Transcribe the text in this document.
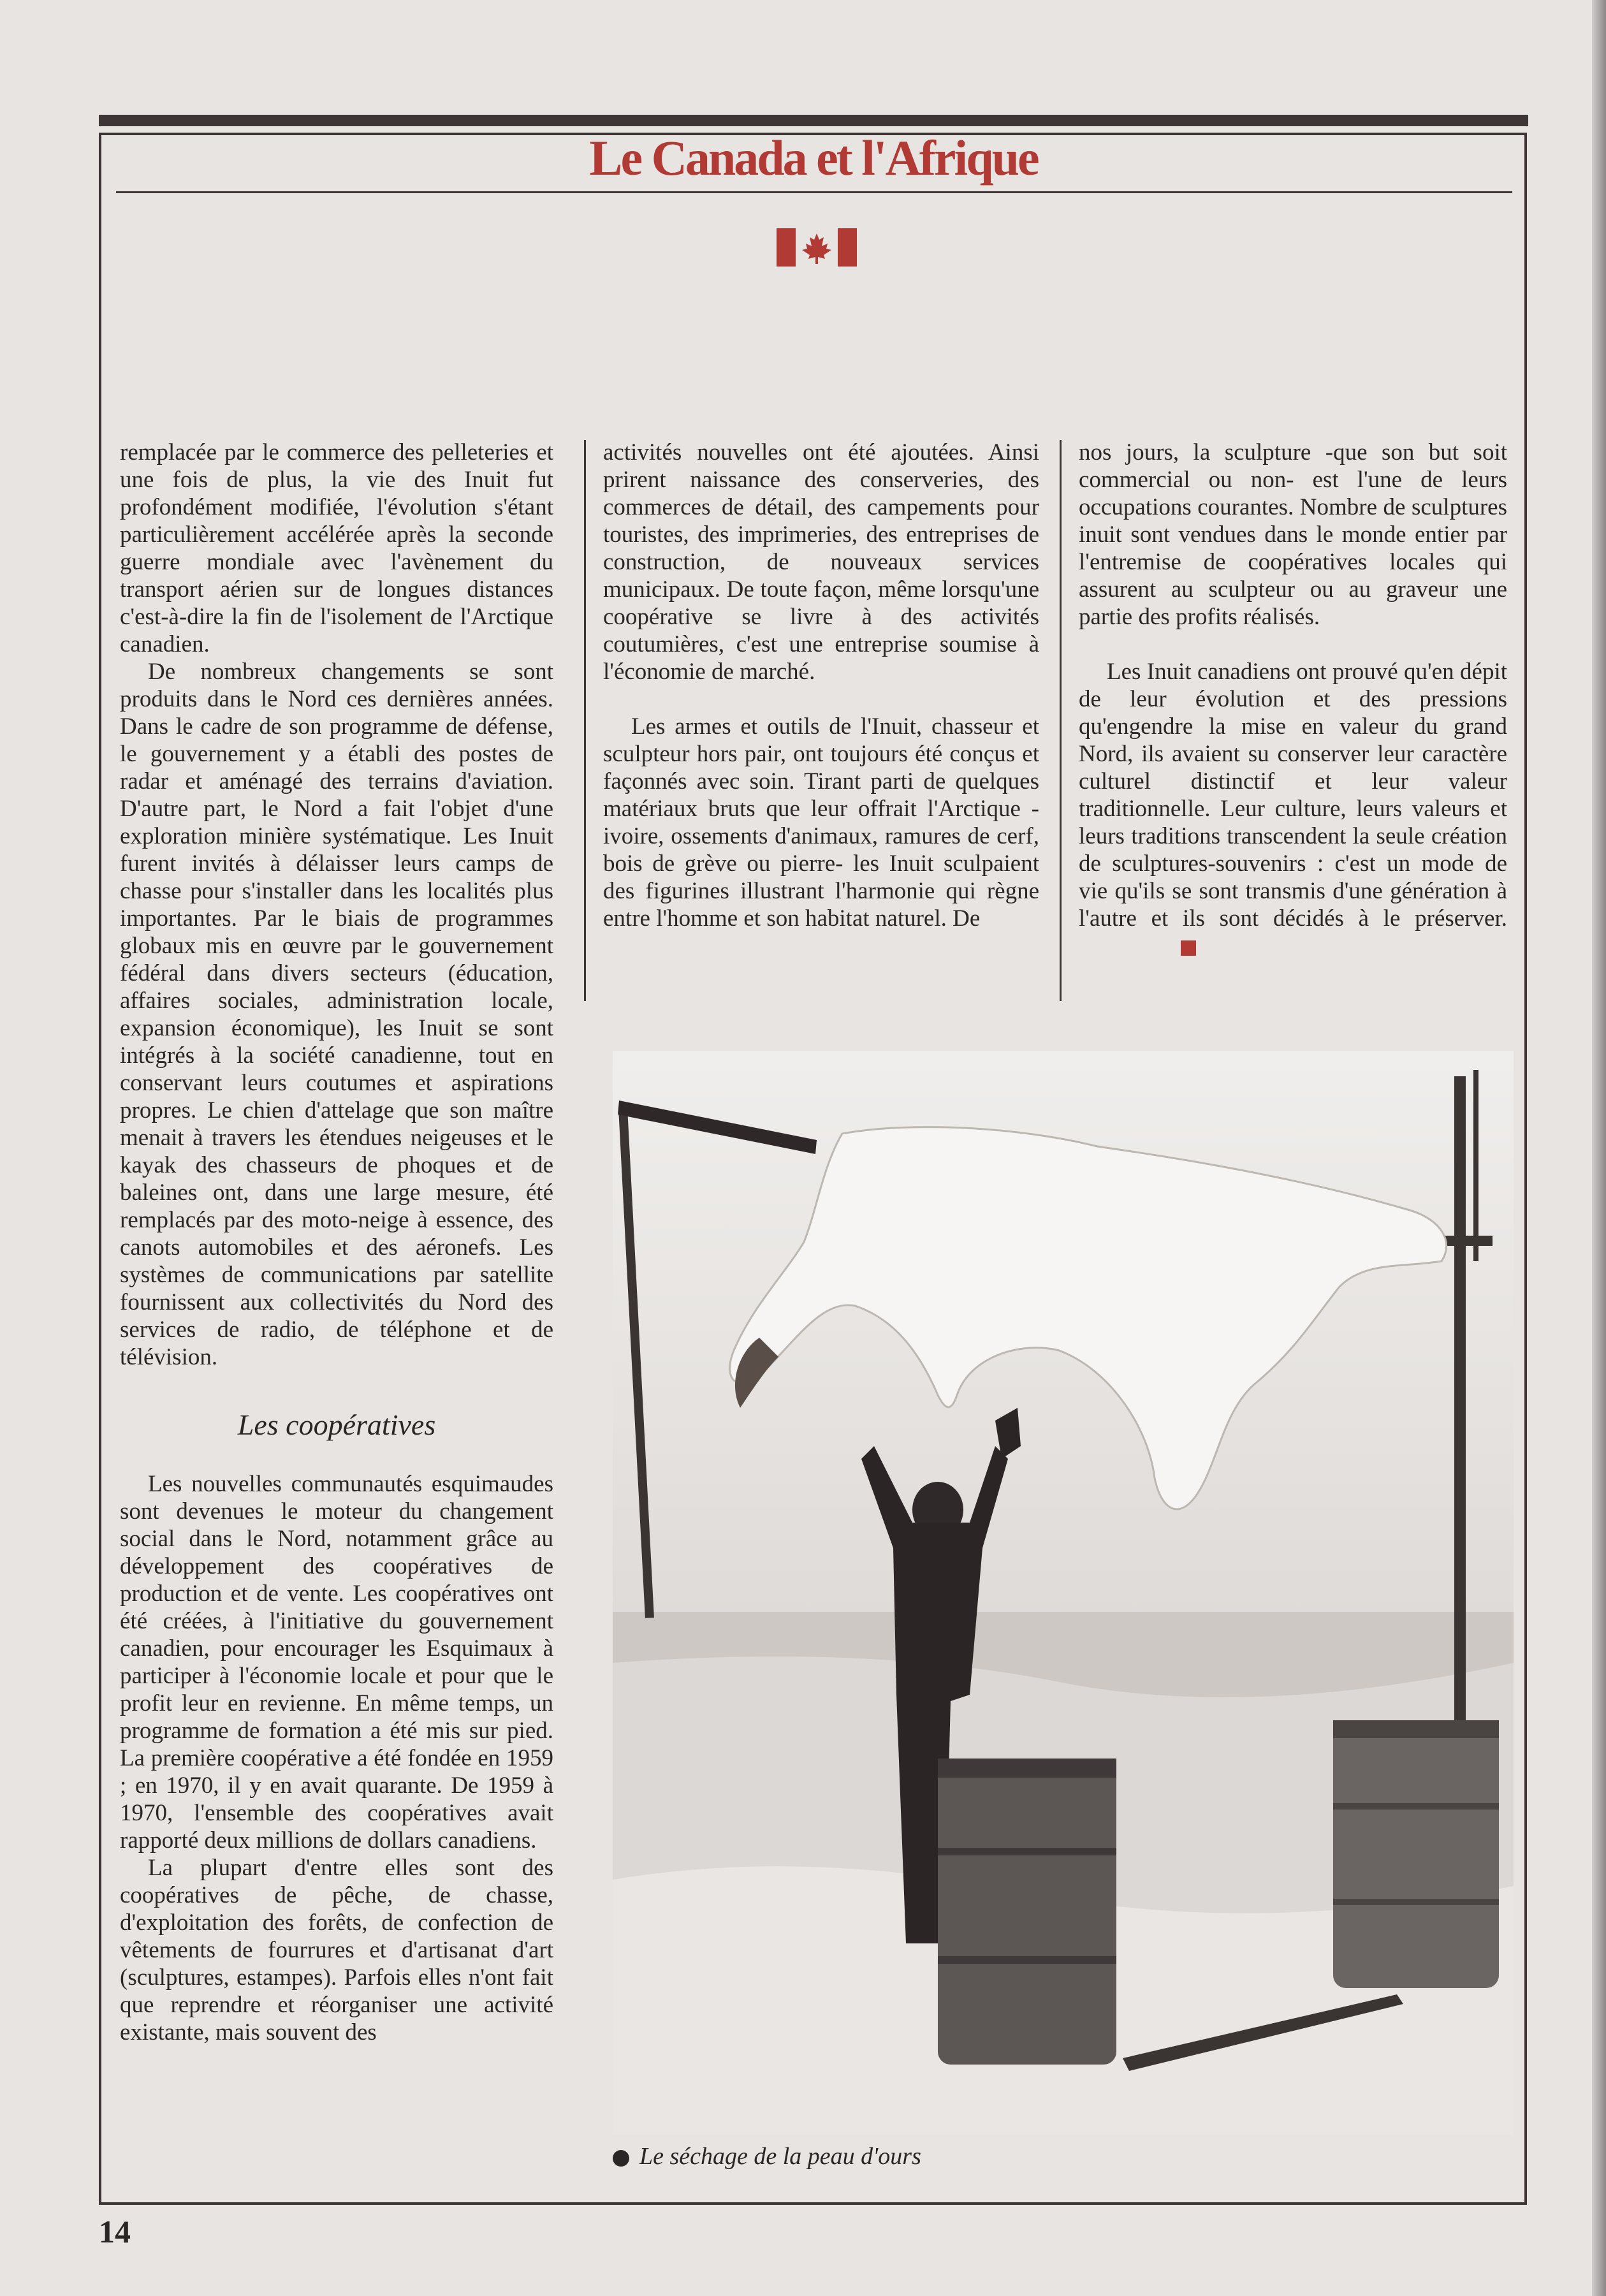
Le Canada et l'Afrique

remplacée par le commerce des pelleteries et une fois de plus, la vie des Inuit fut profondément modifiée, l'évolution s'étant particulièrement accélérée après la seconde guerre mondiale avec l'avènement du transport aérien sur de longues distances c'est-à-dire la fin de l'isolement de l'Arctique canadien.

De nombreux changements se sont produits dans le Nord ces dernières années. Dans le cadre de son programme de défense, le gouvernement y a établi des postes de radar et aménagé des terrains d'aviation. D'autre part, le Nord a fait l'objet d'une exploration minière systématique. Les Inuit furent invités à délaisser leurs camps de chasse pour s'installer dans les localités plus importantes. Par le biais de programmes globaux mis en œuvre par le gouvernement fédéral dans divers secteurs (éducation, affaires sociales, administration locale, expansion économique), les Inuit se sont intégrés à la société canadienne, tout en conservant leurs coutumes et aspirations propres. Le chien d'attelage que son maître menait à travers les étendues neigeuses et le kayak des chasseurs de phoques et de baleines ont, dans une large mesure, été remplacés par des moto-neige à essence, des canots automobiles et des aéronefs. Les systèmes de communications par satellite fournissent aux collectivités du Nord des services de radio, de téléphone et de télévision.

Les coopératives

Les nouvelles communautés esquimaudes sont devenues le moteur du changement social dans le Nord, notamment grâce au développement des coopératives de production et de vente. Les coopératives ont été créées, à l'initiative du gouvernement canadien, pour encourager les Esquimaux à participer à l'économie locale et pour que le profit leur en revienne. En même temps, un programme de formation a été mis sur pied. La première coopérative a été fondée en 1959 ; en 1970, il y en avait quarante. De 1959 à 1970, l'ensemble des coopératives avait rapporté deux millions de dollars canadiens.

La plupart d'entre elles sont des coopératives de pêche, de chasse, d'exploitation des forêts, de confection de vêtements de fourrures et d'artisanat d'art (sculptures, estampes). Parfois elles n'ont fait que reprendre et réorganiser une activité existante, mais souvent des

activités nouvelles ont été ajoutées. Ainsi prirent naissance des conserveries, des commerces de détail, des campements pour touristes, des imprimeries, des entreprises de construction, de nouveaux services municipaux. De toute façon, même lorsqu'une coopérative se livre à des activités coutumières, c'est une entreprise soumise à l'économie de marché.

Les armes et outils de l'Inuit, chasseur et sculpteur hors pair, ont toujours été conçus et façonnés avec soin. Tirant parti de quelques matériaux bruts que leur offrait l'Arctique -ivoire, ossements d'animaux, ramures de cerf, bois de grève ou pierre- les Inuit sculpaient des figurines illustrant l'harmonie qui règne entre l'homme et son habitat naturel. De

nos jours, la sculpture -que son but soit commercial ou non- est l'une de leurs occupations courantes. Nombre de sculptures inuit sont vendues dans le monde entier par l'entremise de coopératives locales qui assurent au sculpteur ou au graveur une partie des profits réalisés.

Les Inuit canadiens ont prouvé qu'en dépit de leur évolution et des pressions qu'engendre la mise en valeur du grand Nord, ils avaient su conserver leur caractère culturel distinctif et leur valeur traditionnelle. Leur culture, leurs valeurs et leurs traditions transcendent la seule création de sculptures-souvenirs : c'est un mode de vie qu'ils se sont transmis d'une génération à l'autre et ils sont décidés à le préserver.

Le séchage de la peau d'ours
14
